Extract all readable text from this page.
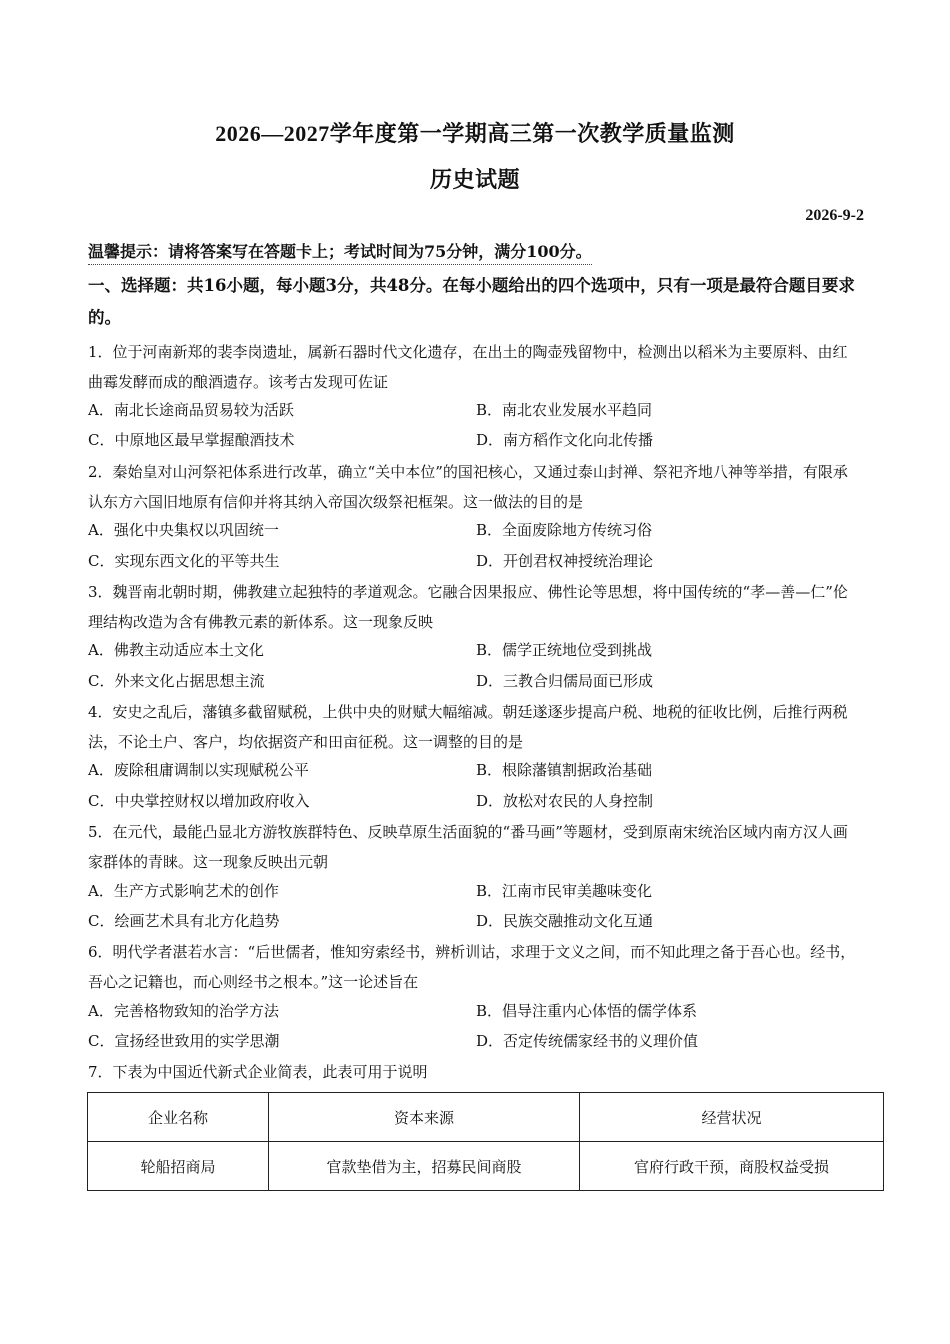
2026—2027学年度第一学期高三第一次教学质量监测
历史试题
2026-9-2
温馨提示：请将答案写在答题卡上；考试时间为75分钟，满分100分。
一、选择题：共16小题，每小题3分，共48分。在每小题给出的四个选项中，只有一项是最符合题目要求的。
1．位于河南新郑的裴李岗遗址，属新石器时代文化遗存，在出土的陶壶残留物中，检测出以稻米为主要原料、由红曲霉发酵而成的酿酒遗存。该考古发现可佐证
A．南北长途商品贸易较为活跃	B．南北农业发展水平趋同
C．中原地区最早掌握酿酒技术	D．南方稻作文化向北传播
2．秦始皇对山河祭祀体系进行改革，确立“关中本位”的国祀核心，又通过泰山封禅、祭祀齐地八神等举措，有限承认东方六国旧地原有信仰并将其纳入帝国次级祭祀框架。这一做法的目的是
A．强化中央集权以巩固统一	B．全面废除地方传统习俗
C．实现东西文化的平等共生	D．开创君权神授统治理论
3．魏晋南北朝时期，佛教建立起独特的孝道观念。它融合因果报应、佛性论等思想，将中国传统的“孝—善—仁”伦理结构改造为含有佛教元素的新体系。这一现象反映
A．佛教主动适应本土文化	B．儒学正统地位受到挑战
C．外来文化占据思想主流	D．三教合归儒局面已形成
4．安史之乱后，藩镇多截留赋税，上供中央的财赋大幅缩减。朝廷遂逐步提高户税、地税的征收比例，后推行两税法，不论土户、客户，均依据资产和田亩征税。这一调整的目的是
A．废除租庸调制以实现赋税公平	B．根除藩镇割据政治基础
C．中央掌控财权以增加政府收入	D．放松对农民的人身控制
5．在元代，最能凸显北方游牧族群特色、反映草原生活面貌的“番马画”等题材，受到原南宋统治区域内南方汉人画家群体的青睐。这一现象反映出元朝
A．生产方式影响艺术的创作	B．江南市民审美趣味变化
C．绘画艺术具有北方化趋势	D．民族交融推动文化互通
6．明代学者湛若水言：“后世儒者，惟知穷索经书，辨析训诂，求理于文义之间，而不知此理之备于吾心也。经书，吾心之记籍也，而心则经书之根本。”这一论述旨在
A．完善格物致知的治学方法	B．倡导注重内心体悟的儒学体系
C．宣扬经世致用的实学思潮	D．否定传统儒家经书的义理价值
7．下表为中国近代新式企业简表，此表可用于说明
企业名称	资本来源	经营状况
轮船招商局	官款垫借为主，招募民间商股	官府行政干预，商股权益受损
